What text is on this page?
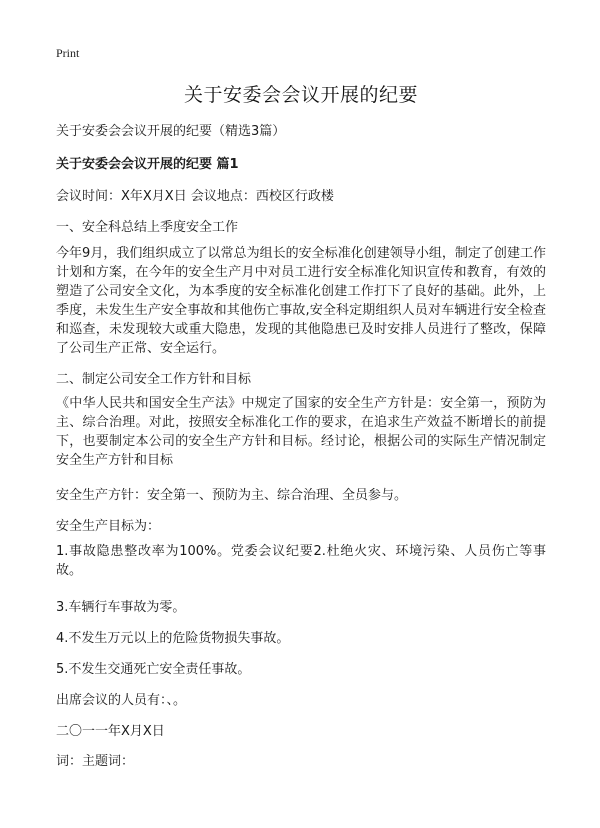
Print
关于安委会会议开展的纪要
关于安委会会议开展的纪要（精选3篇）
关于安委会会议开展的纪要 篇1
会议时间：X年X月X日 会议地点：西校区行政楼
一、安全科总结上季度安全工作
今年9月，我们组织成立了以常总为组长的安全标准化创建领导小组，制定了创建工作计划和方案，在今年的安全生产月中对员工进行安全标准化知识宣传和教育，有效的塑造了公司安全文化，为本季度的安全标准化创建工作打下了良好的基础。此外，上季度，未发生生产安全事故和其他伤亡事故,安全科定期组织人员对车辆进行安全检查和巡查，未发现较大或重大隐患，发现的其他隐患已及时安排人员进行了整改，保障了公司生产正常、安全运行。
二、制定公司安全工作方针和目标
《中华人民共和国安全生产法》中规定了国家的安全生产方针是：安全第一，预防为主、综合治理。对此，按照安全标准化工作的要求，在追求生产效益不断增长的前提下，也要制定本公司的安全生产方针和目标。经讨论，根据公司的实际生产情况制定安全生产方针和目标
安全生产方针：安全第一、预防为主、综合治理、全员参与。
安全生产目标为：
1.事故隐患整改率为100%。党委会议纪要2.杜绝火灾、环境污染、人员伤亡等事故。
3.车辆行车事故为零。
4.不发生万元以上的危险货物损失事故。
5.不发生交通死亡安全责任事故。
出席会议的人员有：、。
二〇一一年X月X日
词：主题词：
